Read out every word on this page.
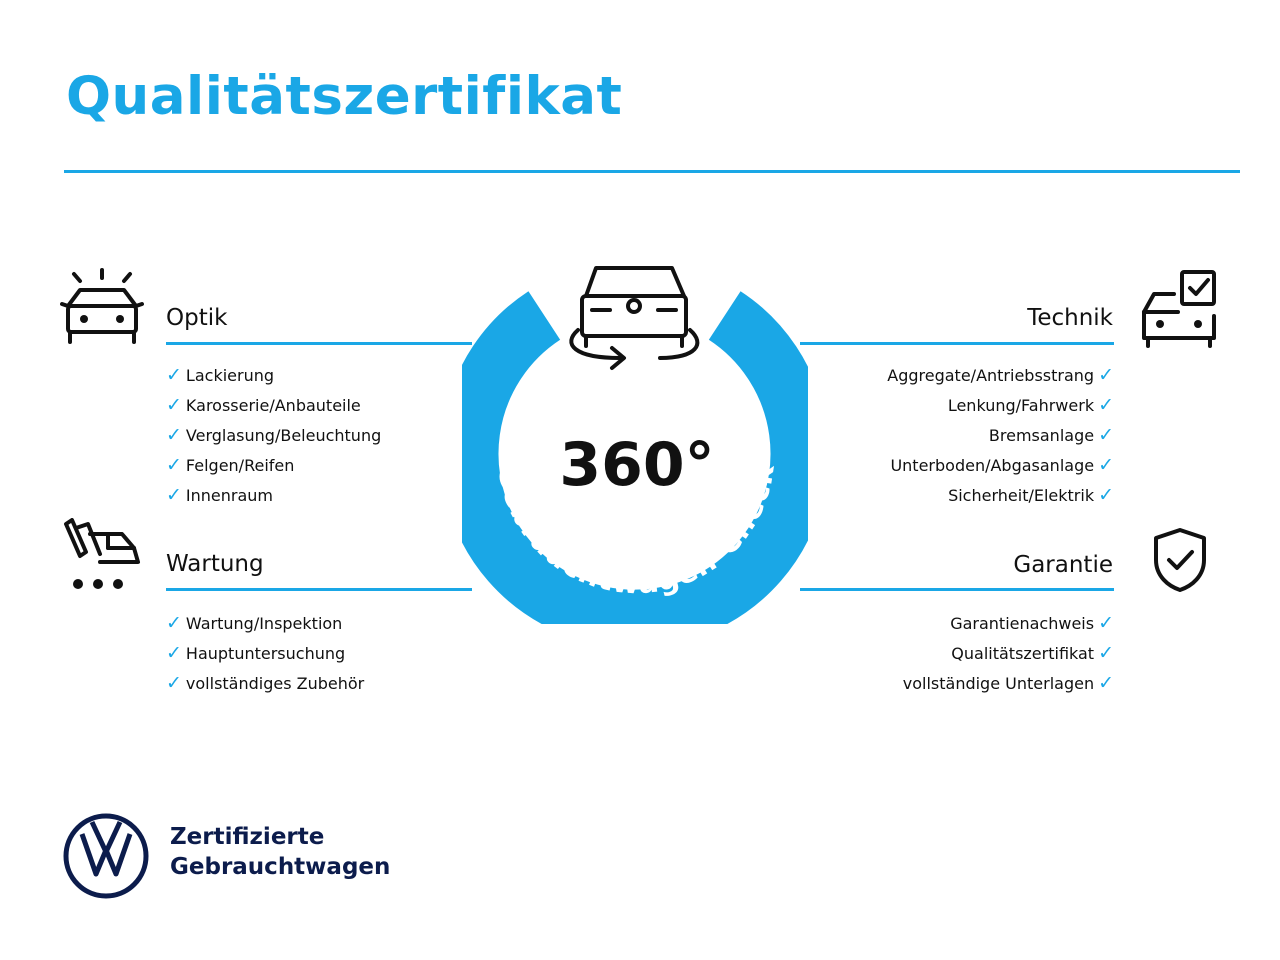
Qualitätszertifikat
Optik
✓ Lackierung
✓ Karosserie/Anbauteile
✓ Verglasung/Beleuchtung
✓ Felgen/Reifen
✓ Innenraum
Wartung
✓ Wartung/Inspektion
✓ Hauptuntersuchung
✓ vollständiges Zubehör
Technik
Aggregate/Antriebsstrang ✓
Lenkung/Fahrwerk ✓
Bremsanlage ✓
Unterboden/Abgasanlage ✓
Sicherheit/Elektrik ✓
Garantie
Garantienachweis ✓
Qualitätszertifikat ✓
vollständige Unterlagen ✓
Gebrauchtwagen-Check
360°
Zertifizierte
Gebrauchtwagen
